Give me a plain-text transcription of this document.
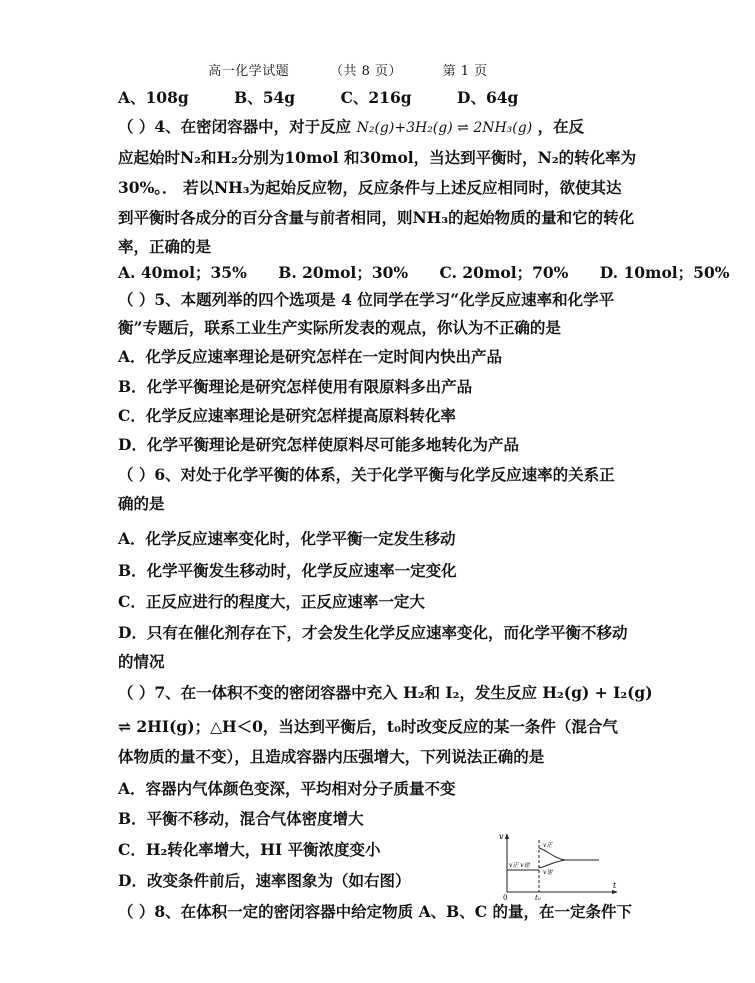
高一化学试题	（共 8 页）	第 1 页
A、108g	B、54g	C、216g	D、64g
（ ）4、在密闭容器中，对于反应 N₂(g)+3H₂(g) ⇌ 2NH₃(g) ，在反
应起始时N₂和H₂分别为10mol 和30mol，当达到平衡时，N₂的转化率为
30%。． 若以NH₃为起始反应物，反应条件与上述反应相同时，欲使其达
到平衡时各成分的百分含量与前者相同，则NH₃的起始物质的量和它的转化
率，正确的是
A. 40mol；35% B. 20mol；30% C. 20mol；70% D. 10mol；50%
（ ）5、本题列举的四个选项是 4 位同学在学习“化学反应速率和化学平
衡”专题后，联系工业生产实际所发表的观点，你认为不正确的是
A．化学反应速率理论是研究怎样在一定时间内快出产品
B．化学平衡理论是研究怎样使用有限原料多出产品
C．化学反应速率理论是研究怎样提高原料转化率
D．化学平衡理论是研究怎样使原料尽可能多地转化为产品
（ ）6、对处于化学平衡的体系，关于化学平衡与化学反应速率的关系正
确的是
A．化学反应速率变化时，化学平衡一定发生移动
B．化学平衡发生移动时，化学反应速率一定变化
C．正反应进行的程度大，正反应速率一定大
D．只有在催化剂存在下，才会发生化学反应速率变化，而化学平衡不移动
的情况
（ ）7、在一体积不变的密闭容器中充入 H₂和 I₂，发生反应 H₂(g) + I₂(g)
⇌ 2HI(g)；△H＜0，当达到平衡后，t₀时改变反应的某一条件（混合气
体物质的量不变），且造成容器内压强增大，下列说法正确的是
A．容器内气体颜色变深，平均相对分子质量不变
B．平衡不移动，混合气体密度增大
C．H₂转化率增大，HI 平衡浓度变小
D．改变条件前后，速率图象为（如右图）
v
t
0	t₀
v正 v逆
v正
v逆
（ ）8、在体积一定的密闭容器中给定物质 A、B、C 的量，在一定条件下
